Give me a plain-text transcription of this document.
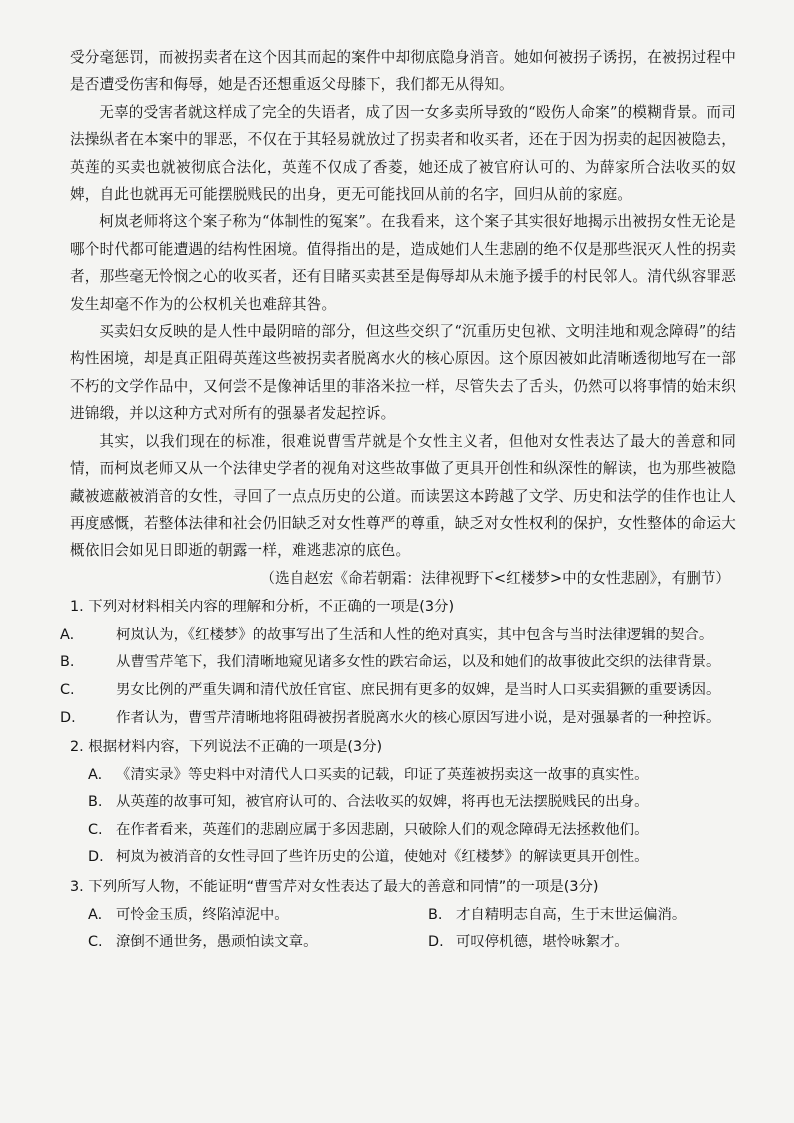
受分毫惩罚，而被拐卖者在这个因其而起的案件中却彻底隐身消音。她如何被拐子诱拐，在被拐过程中是否遭受伤害和侮辱，她是否还想重返父母膝下，我们都无从得知。

无辜的受害者就这样成了完全的失语者，成了因一女多卖所导致的“殴伤人命案”的模糊背景。而司法操纵者在本案中的罪恶，不仅在于其轻易就放过了拐卖者和收买者，还在于因为拐卖的起因被隐去，英莲的买卖也就被彻底合法化，英莲不仅成了香菱，她还成了被官府认可的、为薛家所合法收买的奴婢，自此也就再无可能摆脱贱民的出身，更无可能找回从前的名字，回归从前的家庭。

柯岚老师将这个案子称为“体制性的冤案”。在我看来，这个案子其实很好地揭示出被拐女性无论是哪个时代都可能遭遇的结构性困境。值得指出的是，造成她们人生悲剧的绝不仅是那些泯灭人性的拐卖者，那些毫无怜悯之心的收买者，还有目睹买卖甚至是侮辱却从未施予援手的村民邻人。清代纵容罪恶发生却毫不作为的公权机关也难辞其咎。

买卖妇女反映的是人性中最阴暗的部分，但这些交织了“沉重历史包袱、文明洼地和观念障碍”的结构性困境，却是真正阻碍英莲这些被拐卖者脱离水火的核心原因。这个原因被如此清晰透彻地写在一部不朽的文学作品中，又何尝不是像神话里的菲洛米拉一样，尽管失去了舌头，仍然可以将事情的始末织进锦缎，并以这种方式对所有的强暴者发起控诉。

其实，以我们现在的标准，很难说曹雪芹就是个女性主义者，但他对女性表达了最大的善意和同情，而柯岚老师又从一个法律史学者的视角对这些故事做了更具开创性和纵深性的解读，也为那些被隐藏被遮蔽被消音的女性，寻回了一点点历史的公道。而读罢这本跨越了文学、历史和法学的佳作也让人再度感慨，若整体法律和社会仍旧缺乏对女性尊严的尊重，缺乏对女性权利的保护，女性整体的命运大概依旧会如见日即逝的朝露一样，难逃悲凉的底色。

（选自赵宏《命若朝霜：法律视野下<红楼梦>中的女性悲剧》，有删节）

1. 下列对材料相关内容的理解和分析，不正确的一项是(3分)

A.	柯岚认为，《红楼梦》的故事写出了生活和人性的绝对真实，其中包含与当时法律逻辑的契合。

B.	从曹雪芹笔下，我们清晰地窥见诸多女性的跌宕命运，以及和她们的故事彼此交织的法律背景。

C.	男女比例的严重失调和清代放任官宦、庶民拥有更多的奴婢，是当时人口买卖猖獗的重要诱因。

D.	作者认为，曹雪芹清晰地将阻碍被拐者脱离水火的核心原因写进小说，是对强暴者的一种控诉。

2. 根据材料内容，下列说法不正确的一项是(3分)

A. 《清实录》等史料中对清代人口买卖的记载，印证了英莲被拐卖这一故事的真实性。

B. 从英莲的故事可知，被官府认可的、合法收买的奴婢，将再也无法摆脱贱民的出身。

C. 在作者看来，英莲们的悲剧应属于多因悲剧，只破除人们的观念障碍无法拯救他们。

D. 柯岚为被消音的女性寻回了些许历史的公道，使她对《红楼梦》的解读更具开创性。

3. 下列所写人物，不能证明“曹雪芹对女性表达了最大的善意和同情”的一项是(3分)

A. 可怜金玉质，终陷淖泥中。	B. 才自精明志自高，生于末世运偏消。
C. 潦倒不通世务，愚顽怕读文章。	D. 可叹停机德，堪怜咏絮才。
